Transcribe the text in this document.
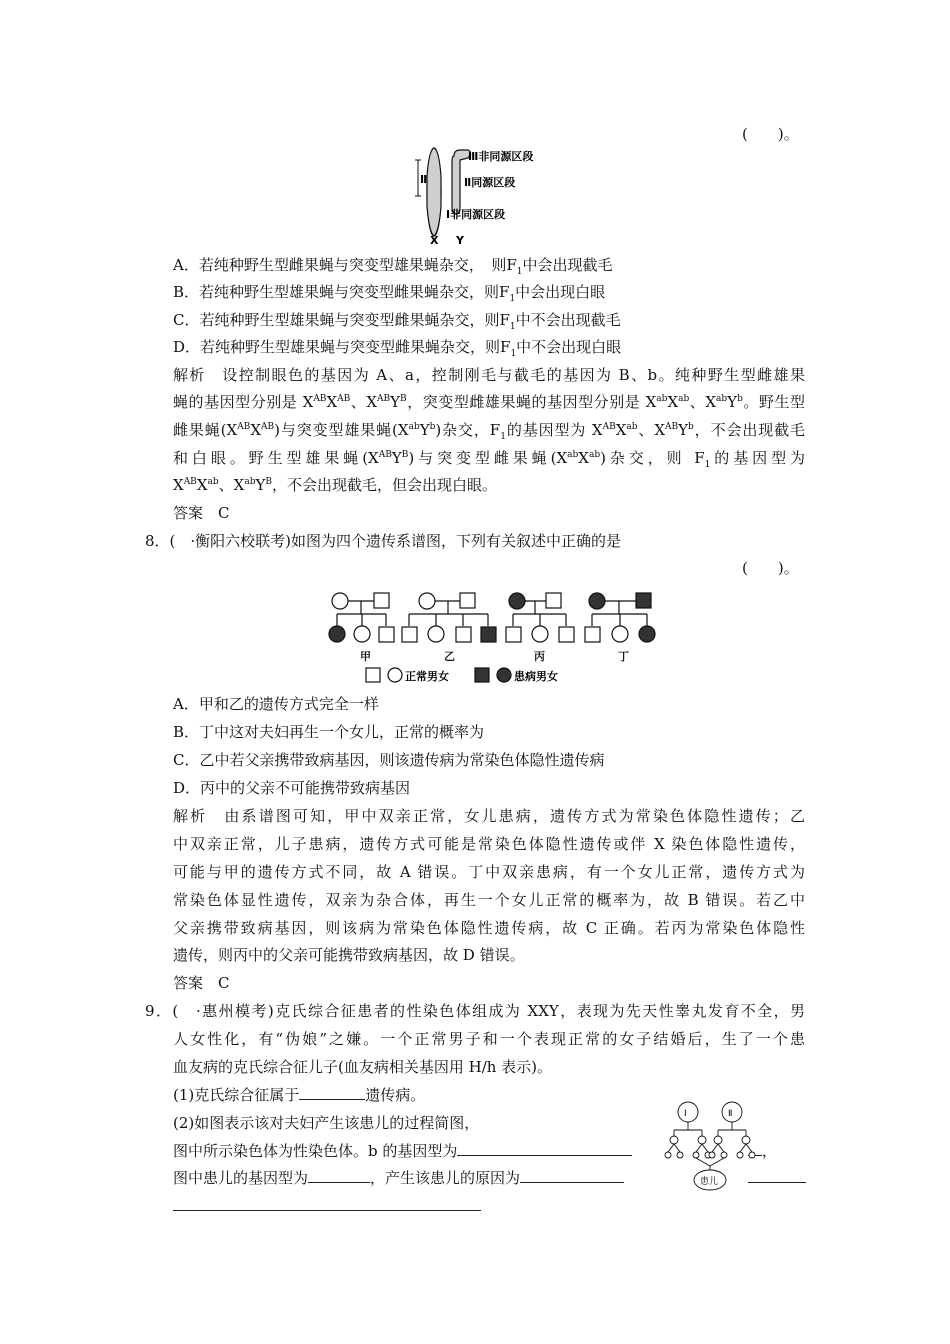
(　　)。
Ⅱ
Ⅲ非同源区段
Ⅱ同源区段
Ⅰ非同源区段
X Y
A．若纯种野生型雌果蝇与突变型雄果蝇杂交，　 则$F_1$中会出现截毛
B．若纯种野生型雄果蝇与突变型雌果蝇杂交，则$F_1$中会出现白眼
C．若纯种野生型雄果蝇与突变型雌果蝇杂交，则$F_1$中不会出现截毛
D．若纯种野生型雄果蝇与突变型雌果蝇杂交，则$F_1$中不会出现白眼
解析　设控制眼色的基因为 A、a，控制刚毛与截毛的基因为 B、b。纯种野生型雌雄果
蝇的基因型分别是 $X^{AB}X^{AB}$、$X^{AB}Y^B$，突变型雌雄果蝇的基因型分别是 $X^{ab}X^{ab}$、$X^{ab}Y^b$。野生型
雌果蝇$(X^{AB}X^{AB})$与突变型雄果蝇$(X^{ab}Y^b)$杂交，$F_1$的基因型为 $X^{AB}X^{ab}$、$X^{AB}Y^b$，不会出现截毛
和白眼。野生型雄果蝇$(X^{AB}Y^B)$与突变型雌果蝇$(X^{ab}X^{ab})$杂交，则 $F_1$的基因型为
$X^{AB}X^{ab}$、$X^{ab}Y^B$，不会出现截毛，但会出现白眼。
答案　C
8．(　·衡阳六校联考)如图为四个遗传系谱图，下列有关叙述中正确的是
(　　)。
甲	乙	丙	丁
正常男女	患病男女
A．甲和乙的遗传方式完全一样
B．丁中这对夫妇再生一个女儿，正常的概率为
C．乙中若父亲携带致病基因，则该遗传病为常染色体隐性遗传病
D．丙中的父亲不可能携带致病基因
解析　由系谱图可知，甲中双亲正常，女儿患病，遗传方式为常染色体隐性遗传；乙
中双亲正常，儿子患病，遗传方式可能是常染色体隐性遗传或伴 X 染色体隐性遗传，
可能与甲的遗传方式不同，故 A 错误。丁中双亲患病，有一个女儿正常，遗传方式为
常染色体显性遗传，双亲为杂合体，再生一个女儿正常的概率为，故 B 错误。若乙中
父亲携带致病基因，则该病为常染色体隐性遗传病，故 C 正确。若丙为常染色体隐性
遗传，则丙中的父亲可能携带致病基因，故 D 错误。
答案　C
9．(　·惠州模考)克氏综合征患者的性染色体组成为 XXY，表现为先天性睾丸发育不全，男
人女性化，有“伪娘”之嫌。一个正常男子和一个表现正常的女子结婚后，生了一个患
血友病的克氏综合征儿子(血友病相关基因用 H/h 表示)。
(1)克氏综合征属于	遗传病。
(2)如图表示该对夫妇产生该患儿的过程简图，
图中所示染色体为性染色体。b 的基因型为	，
图中患儿的基因型为	，产生该患儿的原因为
Ⅰ	Ⅱ
患儿
